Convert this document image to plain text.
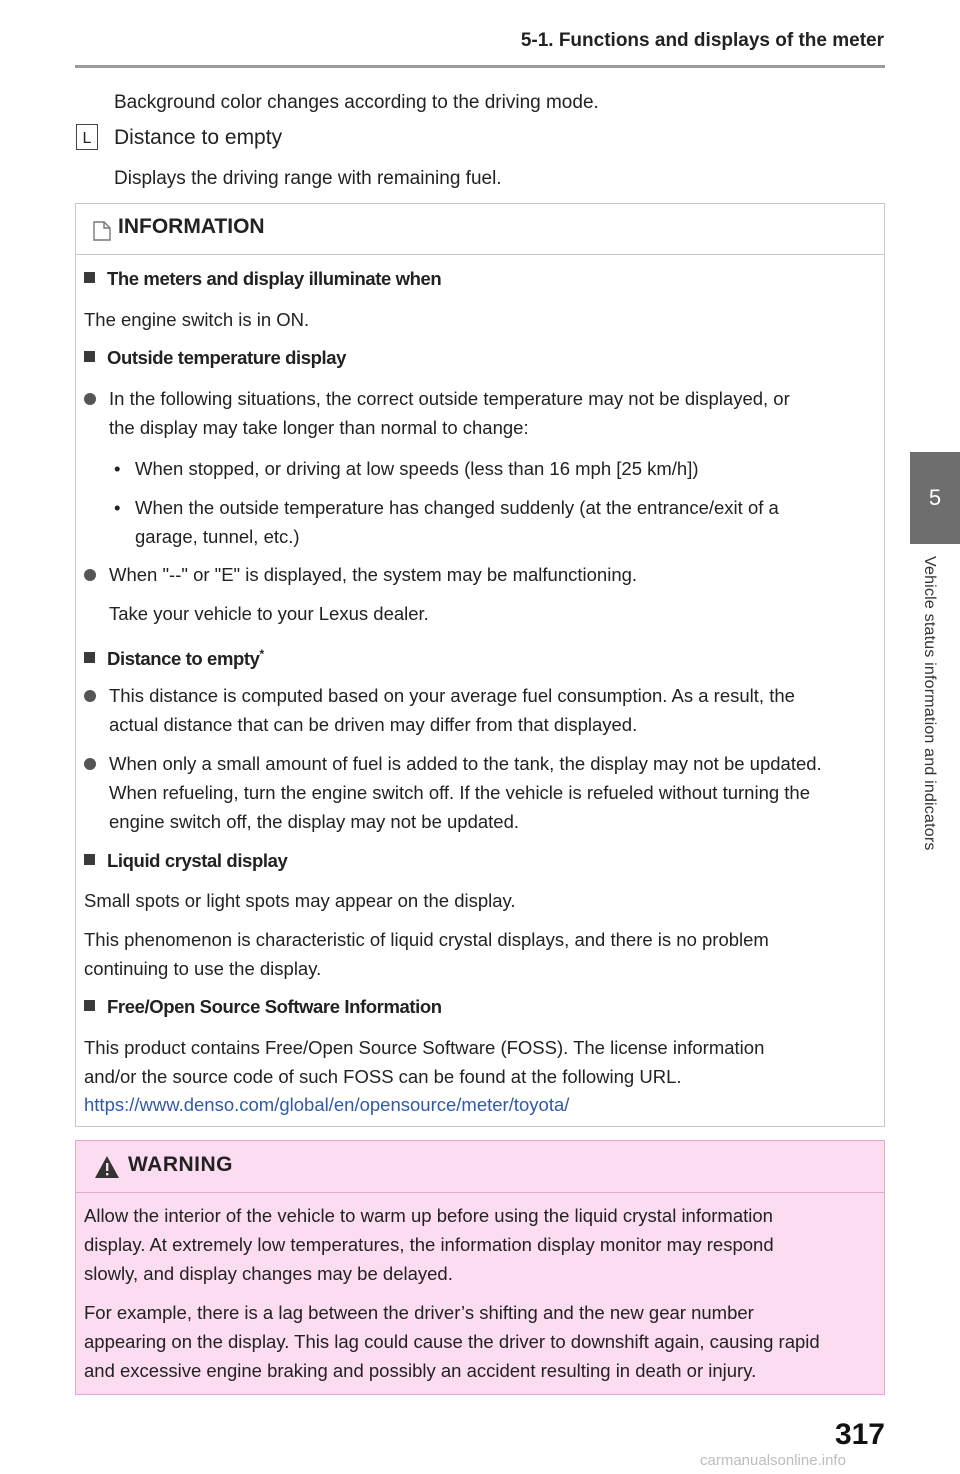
5-1. Functions and displays of the meter
5
Vehicle status information and indicators
Background color changes according to the driving mode.
L Distance to empty
Displays the driving range with remaining fuel.
INFORMATION
The meters and display illuminate when
The engine switch is in ON.
Outside temperature display
In the following situations, the correct outside temperature may not be displayed, or
the display may take longer than normal to change:
• When stopped, or driving at low speeds (less than 16 mph [25 km/h])
• When the outside temperature has changed suddenly (at the entrance/exit of a
garage, tunnel, etc.)
When "--" or "E" is displayed, the system may be malfunctioning.
Take your vehicle to your Lexus dealer.
Distance to empty*
This distance is computed based on your average fuel consumption. As a result, the
actual distance that can be driven may differ from that displayed.
When only a small amount of fuel is added to the tank, the display may not be updated.
When refueling, turn the engine switch off. If the vehicle is refueled without turning the
engine switch off, the display may not be updated.
Liquid crystal display
Small spots or light spots may appear on the display.
This phenomenon is characteristic of liquid crystal displays, and there is no problem
continuing to use the display.
Free/Open Source Software Information
This product contains Free/Open Source Software (FOSS). The license information
and/or the source code of such FOSS can be found at the following URL.
https://www.denso.com/global/en/opensource/meter/toyota/
WARNING
Allow the interior of the vehicle to warm up before using the liquid crystal information
display. At extremely low temperatures, the information display monitor may respond
slowly, and display changes may be delayed.
For example, there is a lag between the driver’s shifting and the new gear number
appearing on the display. This lag could cause the driver to downshift again, causing rapid
and excessive engine braking and possibly an accident resulting in death or injury.
317
carmanualsonline.info
